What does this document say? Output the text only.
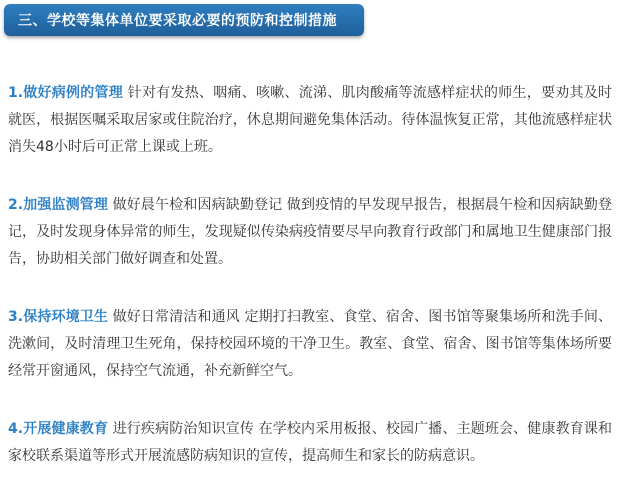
三、学校等集体单位要采取必要的预防和控制措施
1.做好病例的管理 针对有发热、咽痛、咳嗽、流涕、肌肉酸痛等流感样症状的师生，要劝其及时就医，根据医嘱采取居家或住院治疗，休息期间避免集体活动。待体温恢复正常，其他流感样症状消失48小时后可正常上课或上班。
2.加强监测管理 做好晨午检和因病缺勤登记 做到疫情的早发现早报告，根据晨午检和因病缺勤登记，及时发现身体异常的师生，发现疑似传染病疫情要尽早向教育行政部门和属地卫生健康部门报告，协助相关部门做好调查和处置。
3.保持环境卫生 做好日常清洁和通风 定期打扫教室、食堂、宿舍、图书馆等聚集场所和洗手间、洗漱间，及时清理卫生死角，保持校园环境的干净卫生。教室、食堂、宿舍、图书馆等集体场所要经常开窗通风，保持空气流通，补充新鲜空气。
4.开展健康教育 进行疾病防治知识宣传 在学校内采用板报、校园广播、主题班会、健康教育课和家校联系渠道等形式开展流感防病知识的宣传，提高师生和家长的防病意识。
